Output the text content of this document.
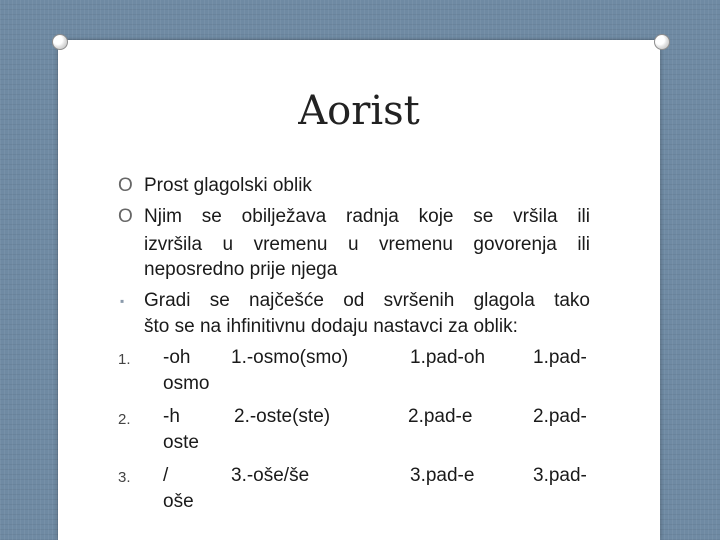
Aorist
O Prost glagolski oblik
O Njim se obilježava radnja koje se vršila ili
izvršila u vremenu u vremenu govorenja ili
neposredno prije njega
▪ Gradi se najčešće od svršenih glagola tako
što se na ihfinitivnu dodaju nastavci za oblik:
1. -oh 1.-osmo(smo)	1.pad-oh	1.pad-
osmo
2. -h	2.-oste(ste)	2.pad-e	2.pad-
oste
3. /	3.-oše/še	3.pad-e	3.pad-
oše
